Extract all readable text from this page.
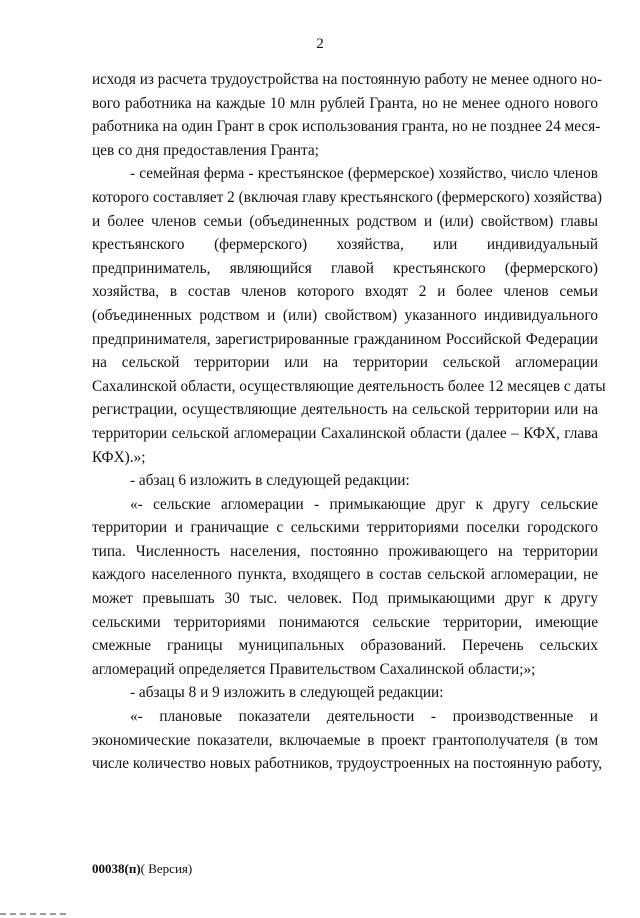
2
исходя из расчета трудоустройства на постоянную работу не менее одного но-
вого работника на каждые 10 млн рублей Гранта, но не менее одного нового
работника на один Грант в срок использования гранта, но не позднее 24 меся-
цев со дня предоставления Гранта;
- семейная ферма - крестьянское (фермерское) хозяйство, число членов
которого составляет 2 (включая главу крестьянского (фермерского) хозяйства)
и более членов семьи (объединенных родством и (или) свойством) главы
крестьянского (фермерского) хозяйства, или индивидуальный
предприниматель, являющийся главой крестьянского (фермерского)
хозяйства, в состав членов которого входят 2 и более членов семьи
(объединенных родством и (или) свойством) указанного индивидуального
предпринимателя, зарегистрированные гражданином Российской Федерации
на сельской территории или на территории сельской агломерации
Сахалинской области, осуществляющие деятельность более 12 месяцев с даты
регистрации, осуществляющие деятельность на сельской территории или на
территории сельской агломерации Сахалинской области (далее – КФХ, глава
КФХ).»;
- абзац 6 изложить в следующей редакции:
«- сельские агломерации - примыкающие друг к другу сельские
территории и граничащие с сельскими территориями поселки городского
типа. Численность населения, постоянно проживающего на территории
каждого населенного пункта, входящего в состав сельской агломерации, не
может превышать 30 тыс. человек. Под примыкающими друг к другу
сельскими территориями понимаются сельские территории, имеющие
смежные границы муниципальных образований. Перечень сельских
агломераций определяется Правительством Сахалинской области;»;
- абзацы 8 и 9 изложить в следующей редакции:
«- плановые показатели деятельности - производственные и
экономические показатели, включаемые в проект грантополучателя (в том
числе количество новых работников, трудоустроенных на постоянную работу,
00038(п)( Версия)
